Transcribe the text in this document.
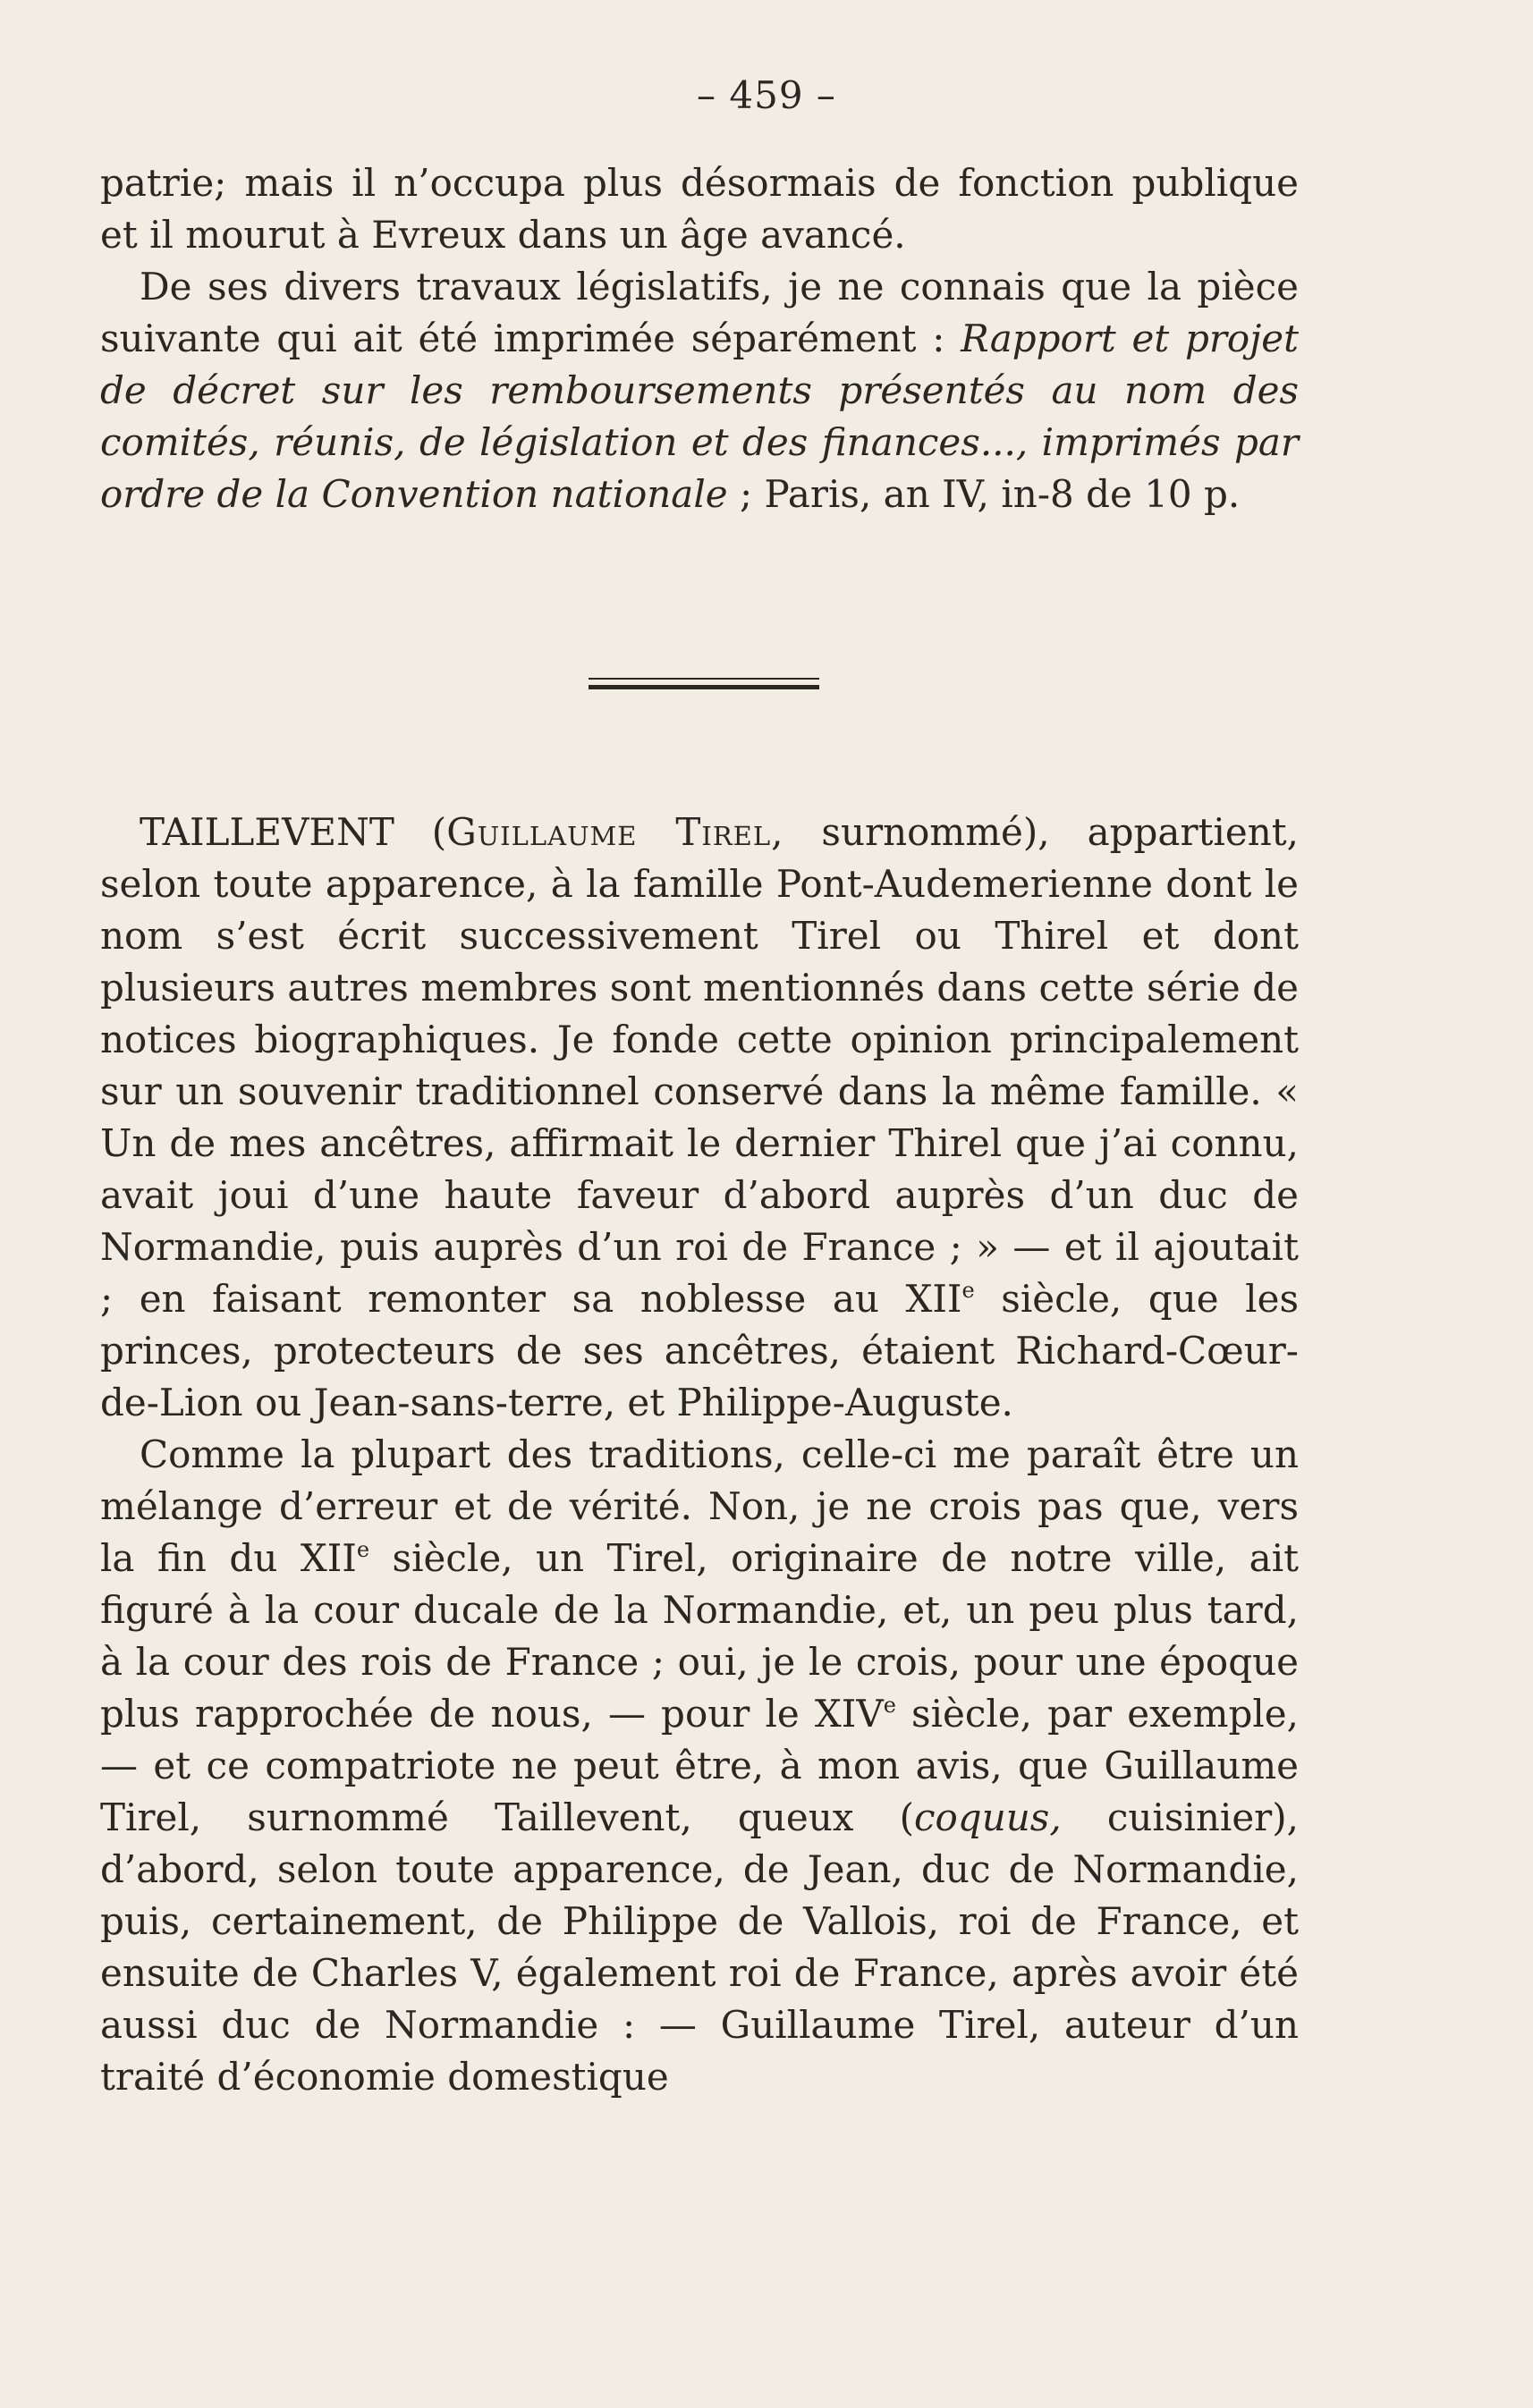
– 459 –

patrie; mais il n’occupa plus désormais de fonction publique et il mourut à Evreux dans un âge avancé.

De ses divers travaux législatifs, je ne connais que la pièce suivante qui ait été imprimée séparément : Rapport et projet de décret sur les remboursements présentés au nom des comités, réunis, de législation et des finances..., imprimés par ordre de la Convention nationale ; Paris, an IV, in-8 de 10 p.

TAILLEVENT (Guillaume Tirel, surnommé), appartient, selon toute apparence, à la famille Pont-Audemerienne dont le nom s’est écrit successivement Tirel ou Thirel et dont plusieurs autres membres sont mentionnés dans cette série de notices biographiques. Je fonde cette opinion principalement sur un souvenir traditionnel conservé dans la même famille. « Un de mes ancêtres, affirmait le dernier Thirel que j’ai connu, avait joui d’une haute faveur d’abord auprès d’un duc de Normandie, puis auprès d’un roi de France ; » — et il ajoutait ; en faisant remonter sa noblesse au XIIe siècle, que les princes, protecteurs de ses ancêtres, étaient Richard-Cœur-de-Lion ou Jean-sans-terre, et Philippe-Auguste.

Comme la plupart des traditions, celle-ci me paraît être un mélange d’erreur et de vérité. Non, je ne crois pas que, vers la fin du XIIe siècle, un Tirel, originaire de notre ville, ait figuré à la cour ducale de la Normandie, et, un peu plus tard, à la cour des rois de France ; oui, je le crois, pour une époque plus rapprochée de nous, — pour le XIVe siècle, par exemple, — et ce compatriote ne peut être, à mon avis, que Guillaume Tirel, surnommé Taillevent, queux (coquus, cuisinier), d’abord, selon toute apparence, de Jean, duc de Normandie, puis, certainement, de Philippe de Vallois, roi de France, et ensuite de Charles V, également roi de France, après avoir été aussi duc de Normandie : — Guillaume Tirel, auteur d’un traité d’économie domestique
